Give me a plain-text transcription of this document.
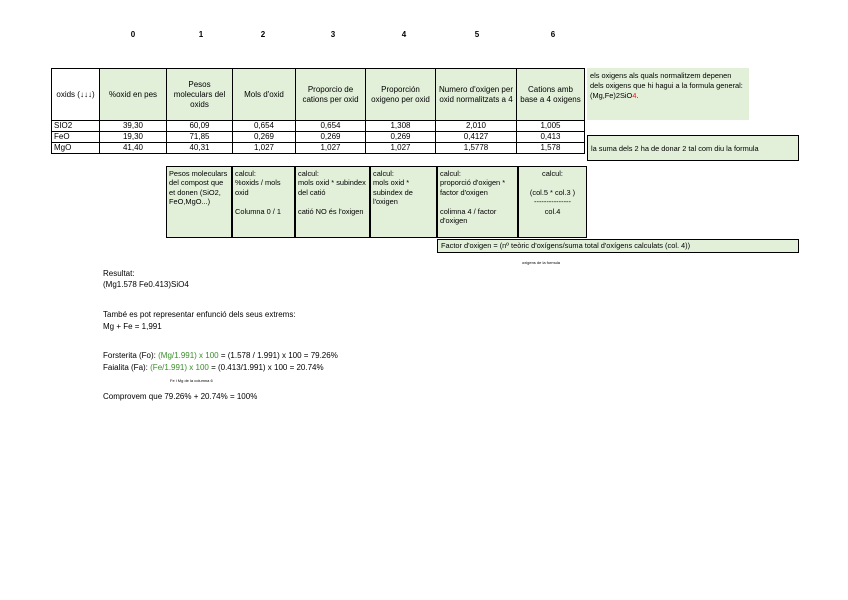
0	1	2	3	4	5	6
oxids (↓↓↓)	%oxid en pes	Pesos moleculars del oxids	Mols d'oxid	Proporcio de cations per oxid	Proporción oxigeno per oxid	Numero d'oxigen per oxid normalitzats a 4	Cations amb base a 4 oxigens
SIO2	39,30	60,09	0,654	0,654	1,308	2,010	1,005
FeO	19,30	71,85	0,269	0,269	0,269	0,4127	0,413
MgO	41,40	40,31	1,027	1,027	1,027	1,5778	1,578
els oxigens als quals normalitzem depenen dels oxigens que hi hagui a la formula general: (Mg,Fe)2SiO4.
la suma dels 2 ha de donar 2 tal com diu la formula
Pesos moleculars del compost que et donen (SiO2, FeO,MgO...)
calcul:
%oxids / mols oxid

Columna 0 / 1
calcul:
mols oxid * subindex del catió

catió NO és l'oxigen
calcul:
mols oxid * subindex de l'oxigen
calcul:
proporció d'oxigen * factor d'oxigen

colimna 4 / factor d'oxigen
calcul:

(col.5 * col.3 )
---------------
col.4
Factor d'oxigen = (nº teòric d'oxígens/suma total d'oxígens calculats (col. 4))
oxigens de la formula
Resultat:
(Mg1.578 Fe0.413)SiO4
També es pot representar enfunció dels seus extrems:
Mg + Fe = 1,991
Forsterita (Fo): (Mg/1.991) x 100 = (1.578 / 1.991) x 100 = 79.26%
Faialita (Fa): (Fe/1.991) x 100 = (0.413/1.991) x 100 = 20.74%
Fe i Mg de la columna 6
Comprovem que 79.26% + 20.74% = 100%
